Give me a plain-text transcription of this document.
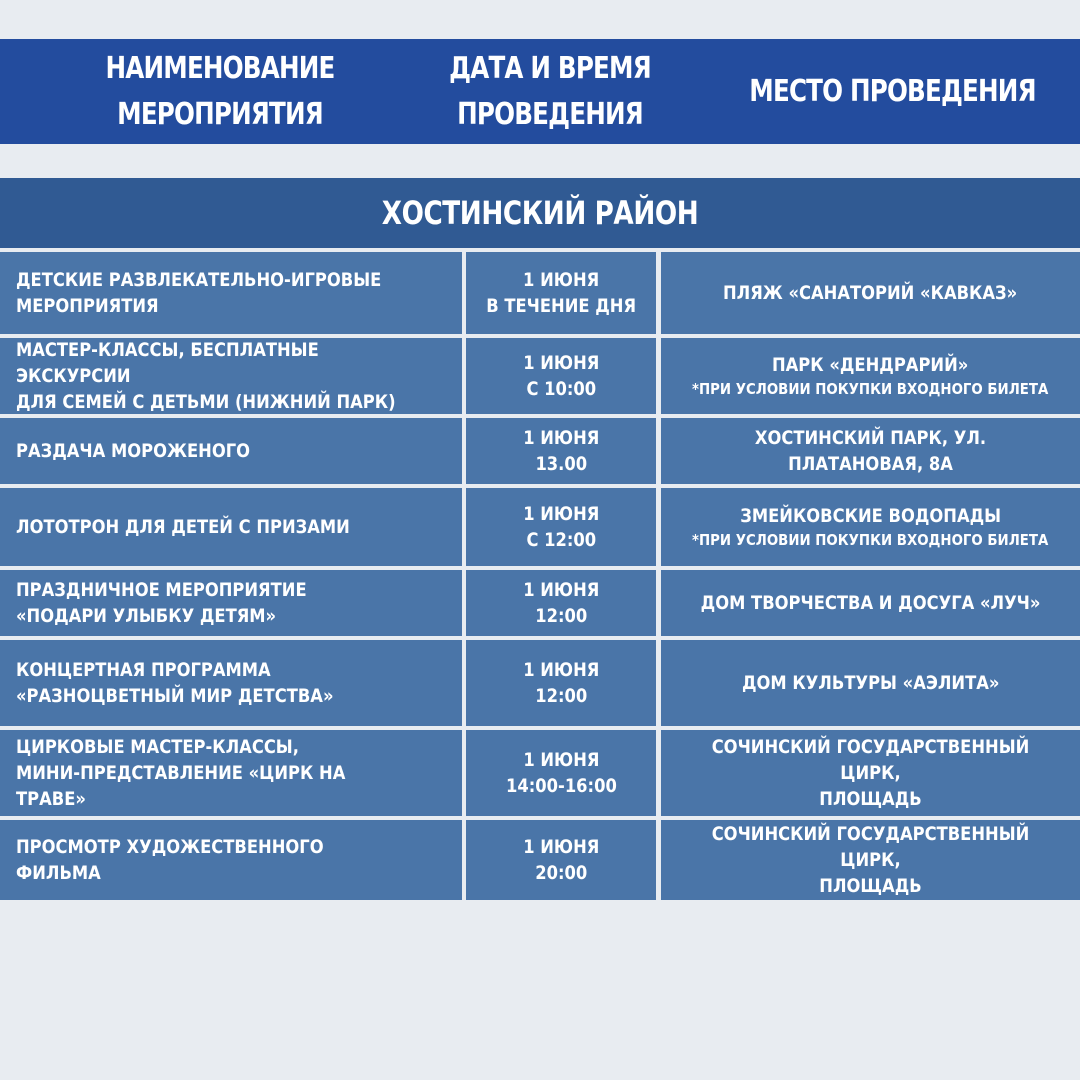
НАИМЕНОВАНИЕ
МЕРОПРИЯТИЯ
ДАТА И ВРЕМЯ
ПРОВЕДЕНИЯ
МЕСТО ПРОВЕДЕНИЯ
ХОСТИНСКИЙ РАЙОН
ДЕТСКИЕ РАЗВЛЕКАТЕЛЬНО-ИГРОВЫЕ
МЕРОПРИЯТИЯ
1 ИЮНЯ
В ТЕЧЕНИЕ ДНЯ
ПЛЯЖ «САНАТОРИЙ «КАВКАЗ»
МАСТЕР-КЛАССЫ, БЕСПЛАТНЫЕ ЭКСКУРСИИ
ДЛЯ СЕМЕЙ С ДЕТЬМИ (НИЖНИЙ ПАРК)
1 ИЮНЯ
С 10:00
ПАРК «ДЕНДРАРИЙ»
*ПРИ УСЛОВИИ ПОКУПКИ ВХОДНОГО БИЛЕТА
РАЗДАЧА МОРОЖЕНОГО
1 ИЮНЯ
13.00
ХОСТИНСКИЙ ПАРК, УЛ. ПЛАТАНОВАЯ, 8А
ЛОТОТРОН ДЛЯ ДЕТЕЙ С ПРИЗАМИ
1 ИЮНЯ
С 12:00
ЗМЕЙКОВСКИЕ ВОДОПАДЫ
*ПРИ УСЛОВИИ ПОКУПКИ ВХОДНОГО БИЛЕТА
ПРАЗДНИЧНОЕ МЕРОПРИЯТИЕ
«ПОДАРИ УЛЫБКУ ДЕТЯМ»
1 ИЮНЯ
12:00
ДОМ ТВОРЧЕСТВА И ДОСУГА «ЛУЧ»
КОНЦЕРТНАЯ ПРОГРАММА
«РАЗНОЦВЕТНЫЙ МИР ДЕТСТВА»
1 ИЮНЯ
12:00
ДОМ КУЛЬТУРЫ «АЭЛИТА»
ЦИРКОВЫЕ МАСТЕР-КЛАССЫ,
МИНИ-ПРЕДСТАВЛЕНИЕ «ЦИРК НА ТРАВЕ»
1 ИЮНЯ
14:00-16:00
СОЧИНСКИЙ ГОСУДАРСТВЕННЫЙ ЦИРК,
ПЛОЩАДЬ
ПРОСМОТР ХУДОЖЕСТВЕННОГО ФИЛЬМА
1 ИЮНЯ
20:00
СОЧИНСКИЙ ГОСУДАРСТВЕННЫЙ ЦИРК,
ПЛОЩАДЬ
